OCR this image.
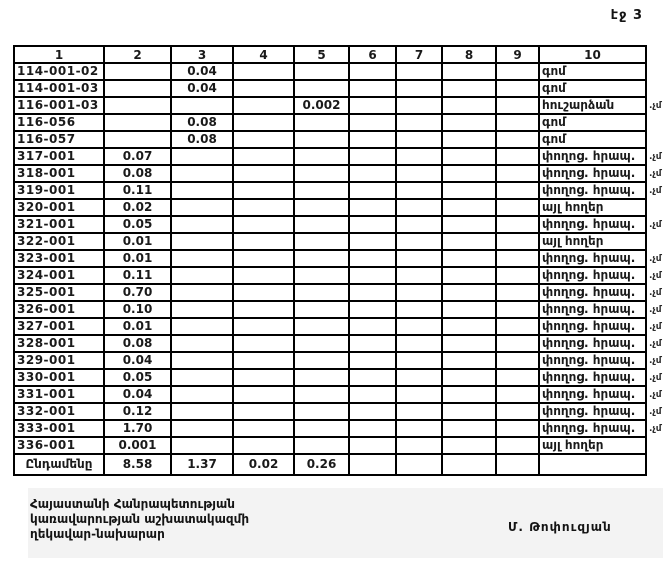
էջ 3
1	2	3	4	5	6	7	8	9	10
114-001-02		0.04							գոմ
114-001-03		0.04							գոմ
116-001-03				0.002					հուշարձան
116-056		0.08							գոմ
116-057		0.08							գոմ
317-001	0.07								փողոց. հրապ.
318-001	0.08								փողոց. հրապ.
319-001	0.11								փողոց. հրապ.
320-001	0.02								այլ հողեր
321-001	0.05								փողոց. հրապ.
322-001	0.01								այլ հողեր
323-001	0.01								փողոց. հրապ.
324-001	0.11								փողոց. հրապ.
325-001	0.70								փողոց. հրապ.
326-001	0.10								փողոց. հրապ.
327-001	0.01								փողոց. հրապ.
328-001	0.08								փողոց. հրապ.
329-001	0.04								փողոց. հրապ.
330-001	0.05								փողոց. հրապ.
331-001	0.04								փողոց. հրապ.
332-001	0.12								փողոց. հրապ.
333-001	1.70								փողոց. հրապ.
336-001	0.001								այլ հողեր
Ընդամենը	8.58	1.37	0.02	0.26					
.չմ
.չմ
.չմ
.չմ
.չմ
.չմ
.չմ
.չմ
.չմ
.չմ
.չմ
.չմ
.չմ
.չմ
.չմ
.չմ
Հայաստանի Հանրապետության
կառավարության աշխատակազմի
ղեկավար-նախարար	Մ. Թոփուզյան
